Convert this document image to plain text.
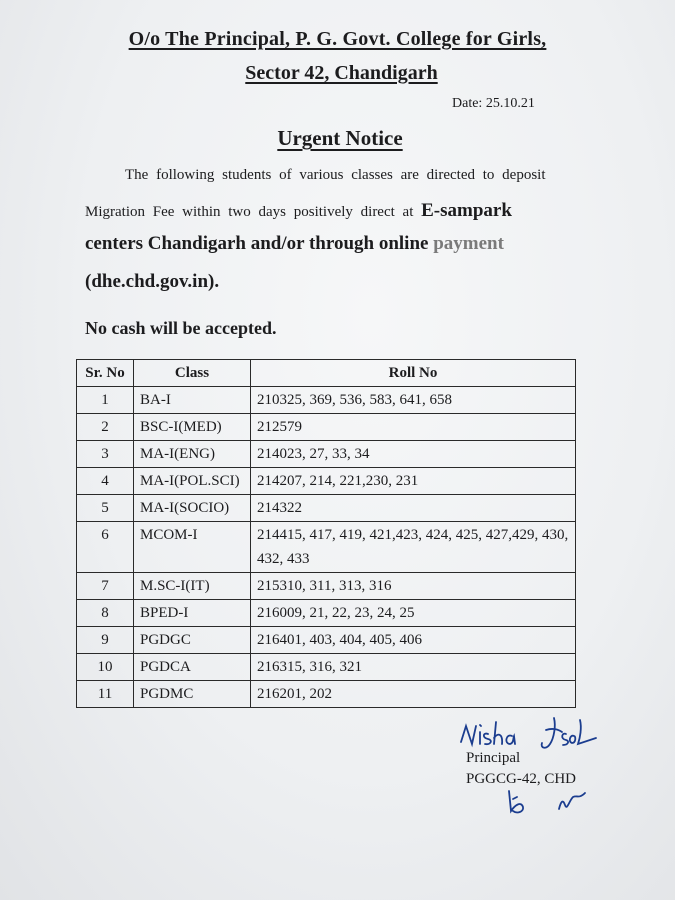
O/o The Principal, P. G. Govt. College for Girls,
Sector 42, Chandigarh
Date: 25.10.21
Urgent Notice
The following students of various classes are directed to deposit
Migration Fee within two days positively direct at E-sampark
centers Chandigarh and/or through online payment
(dhe.chd.gov.in).
No cash will be accepted.
Sr. No	Class	Roll No
1	BA-I	210325, 369, 536, 583, 641, 658
2	BSC-I(MED)	212579
3	MA-I(ENG)	214023, 27, 33, 34
4	MA-I(POL.SCI)	214207, 214, 221,230, 231
5	MA-I(SOCIO)	214322
6	MCOM-I	214415, 417, 419, 421,423, 424, 425, 427,429, 430, 432, 433
7	M.SC-I(IT)	215310, 311, 313, 316
8	BPED-I	216009, 21, 22, 23, 24, 25
9	PGDGC	216401, 403, 404, 405, 406
10	PGDCA	216315, 316, 321
11	PGDMC	216201, 202
Principal
PGGCG-42, CHD
